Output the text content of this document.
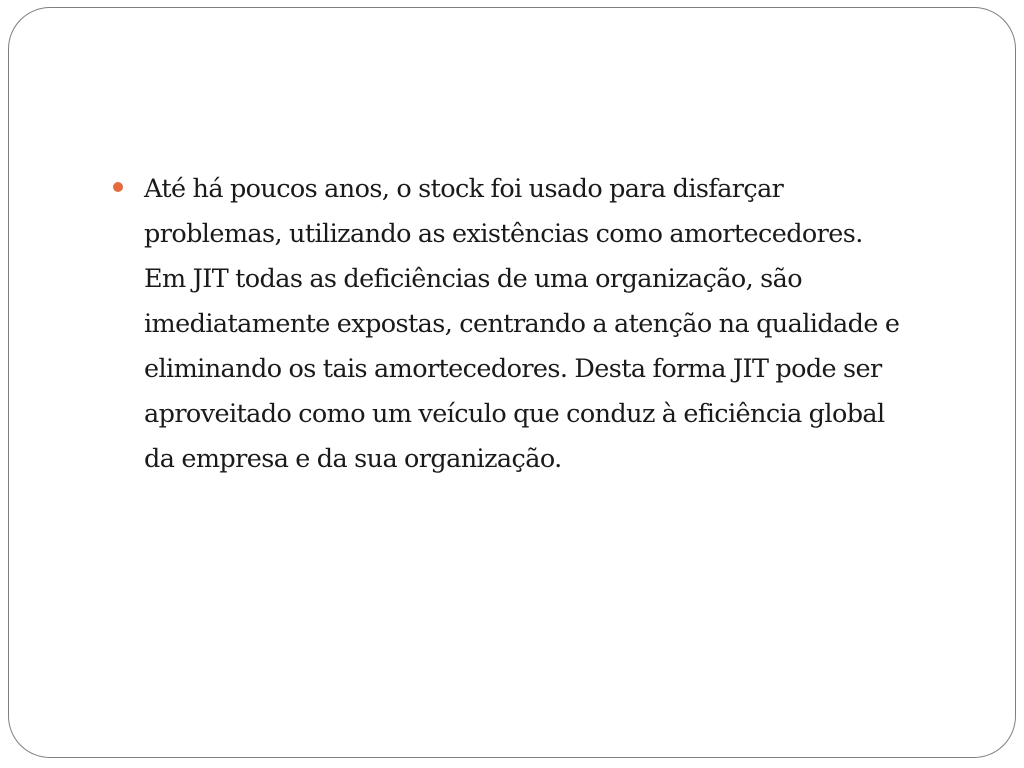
Até há poucos anos, o stock foi usado para disfarçar
problemas, utilizando as existências como amortecedores.
Em JIT todas as deficiências de uma organização, são
imediatamente expostas, centrando a atenção na qualidade e
eliminando os tais amortecedores. Desta forma JIT pode ser
aproveitado como um veículo que conduz à eficiência global
da empresa e da sua organização.
